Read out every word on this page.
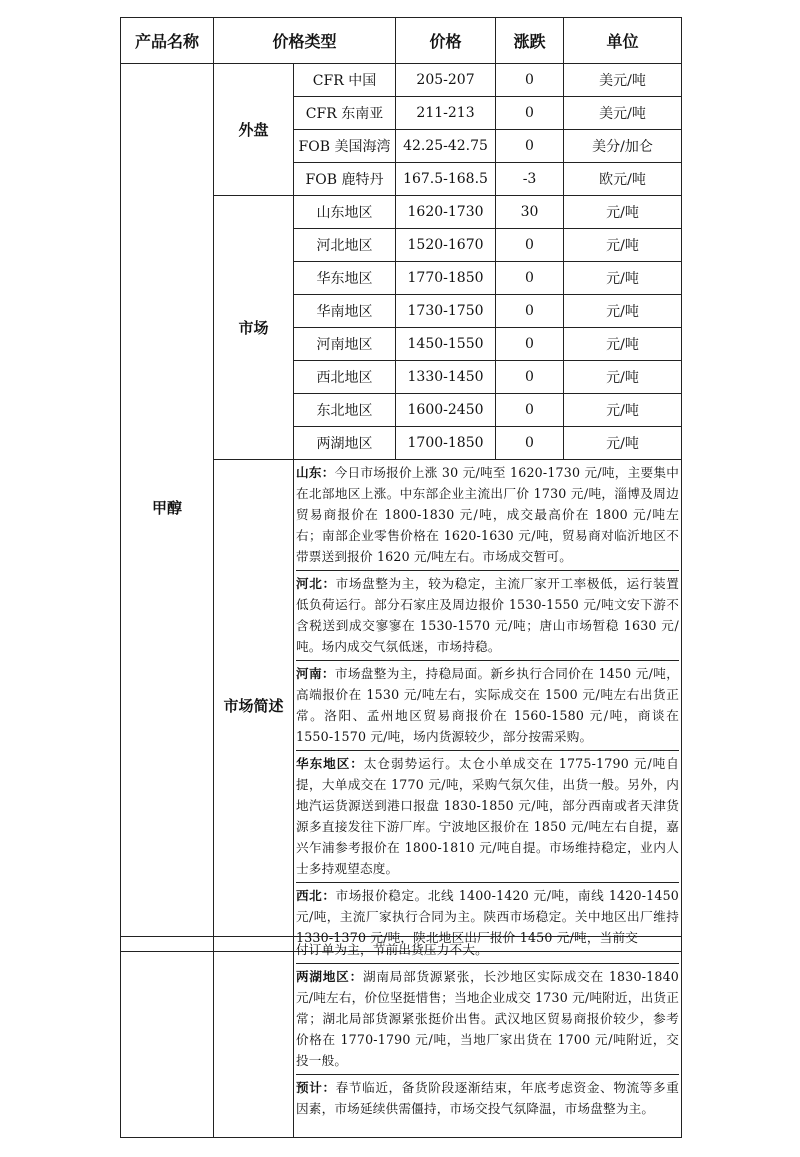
产品名称	价格类型		价格	涨跌	单位
甲醇	外盘	CFR 中国	205-207	0	美元/吨
		CFR 东南亚	211-213	0	美元/吨
		FOB 美国海湾	42.25-42.75	0	美分/加仑
		FOB 鹿特丹	167.5-168.5	-3	欧元/吨
	市场	山东地区	1620-1730	30	元/吨
		河北地区	1520-1670	0	元/吨
		华东地区	1770-1850	0	元/吨
		华南地区	1730-1750	0	元/吨
		河南地区	1450-1550	0	元/吨
		西北地区	1330-1450	0	元/吨
		东北地区	1600-2450	0	元/吨
		两湖地区	1700-1850	0	元/吨
	市场简述	山东：今日市场报价上涨 30 元/吨至 1620-1730 元/吨，主要集中在北部地区上涨。中东部企业主流出厂价 1730 元/吨，淄博及周边贸易商报价在 1800-1830 元/吨，成交最高价在 1800 元/吨左右；南部企业零售价格在 1620-1630 元/吨，贸易商对临沂地区不带票送到报价 1620 元/吨左右。市场成交暂可。

河北：市场盘整为主，较为稳定，主流厂家开工率极低，运行装置低负荷运行。部分石家庄及周边报价 1530-1550 元/吨文安下游不含税送到成交寥寥在 1530-1570 元/吨；唐山市场暂稳 1630 元/吨。场内成交气氛低迷，市场持稳。

河南：市场盘整为主，持稳局面。新乡执行合同价在 1450 元/吨，高端报价在 1530 元/吨左右，实际成交在 1500 元/吨左右出货正常。洛阳、孟州地区贸易商报价在 1560-1580 元/吨，商谈在 1550-1570 元/吨，场内货源较少，部分按需采购。

华东地区：太仓弱势运行。太仓小单成交在 1775-1790 元/吨自提，大单成交在 1770 元/吨，采购气氛欠佳，出货一般。另外，内地汽运货源送到港口报盘 1830-1850 元/吨，部分西南或者天津货源多直接发往下游厂库。宁波地区报价在 1850 元/吨左右自提，嘉兴乍浦参考报价在 1800-1810 元/吨自提。市场维持稳定，业内人士多持观望态度。

西北：市场报价稳定。北线 1400-1420 元/吨，南线 1420-1450 元/吨，主流厂家执行合同为主。陕西市场稳定。关中地区出厂维持 1330-1370 元/吨，陕北地区出厂报价 1450 元/吨，当前交			

付订单为主，节前出货压力不大。

两湖地区：湖南局部货源紧张，长沙地区实际成交在 1830-1840 元/吨左右，价位坚挺惜售；当地企业成交 1730 元/吨附近，出货正常；湖北局部货源紧张挺价出售。武汉地区贸易商报价较少，参考价格在 1770-1790 元/吨，当地厂家出货在 1700 元/吨附近，交投一般。

预计：春节临近，备货阶段逐渐结束，年底考虑资金、物流等多重因素，市场延续供需僵持，市场交投气氛降温，市场盘整为主。
